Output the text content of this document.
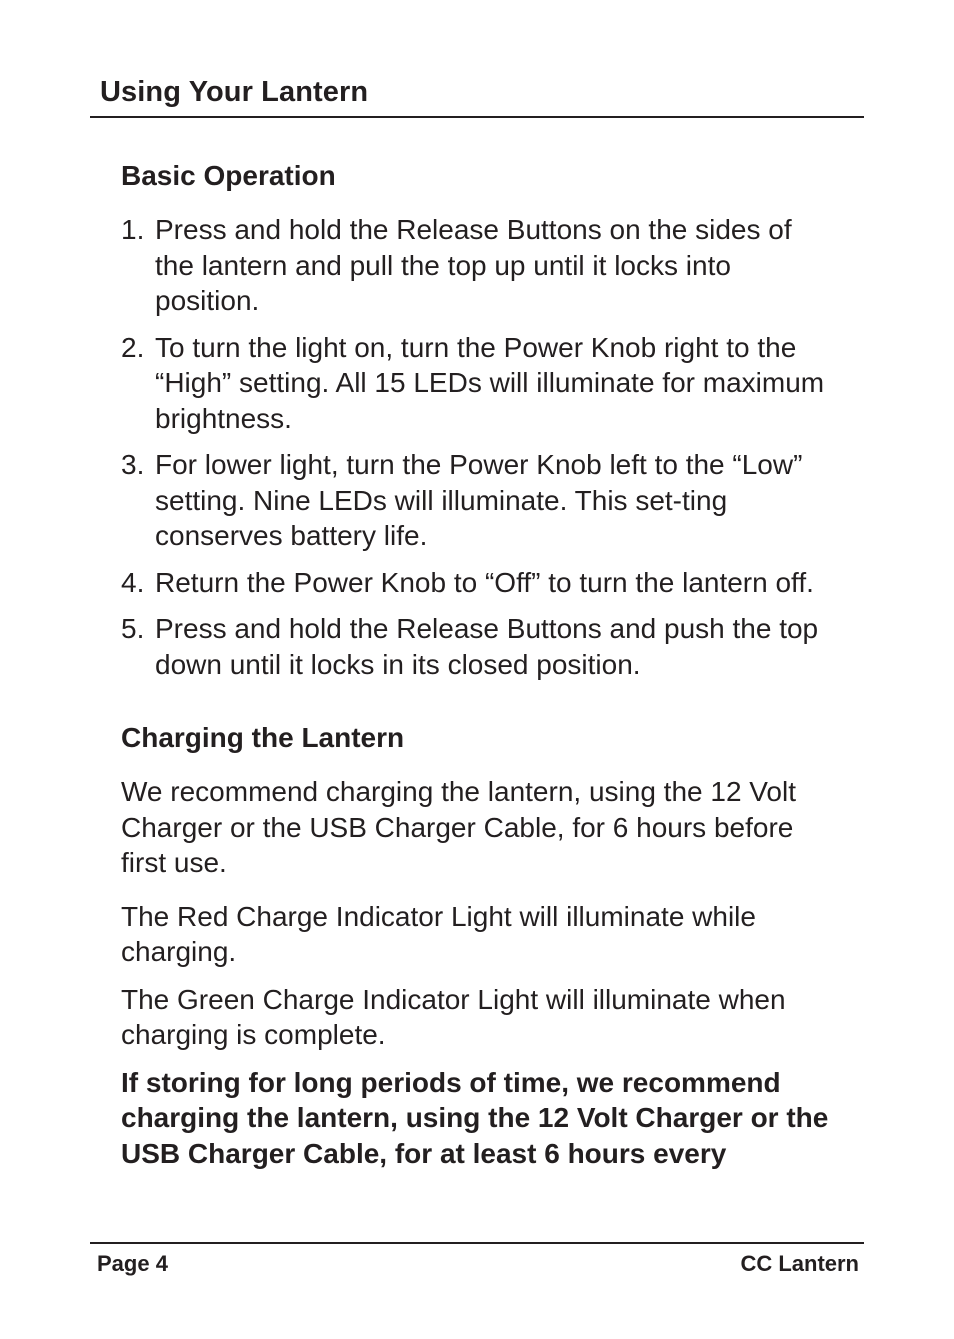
Using Your Lantern
Basic Operation
1. Press and hold the Release Buttons on the sides of the lantern and pull the top up until it locks into position.
2. To turn the light on, turn the Power Knob right to the “High” setting. All 15 LEDs will illuminate for maximum brightness.
3. For lower light, turn the Power Knob left to the “Low” setting. Nine LEDs will illuminate. This set-ting conserves battery life.
4. Return the Power Knob to “Off” to turn the lantern off.
5. Press and hold the Release Buttons and push the top down until it locks in its closed position.
Charging the Lantern

We recommend charging the lantern, using the 12 Volt Charger or the USB Charger Cable, for 6 hours before first use.

The Red Charge Indicator Light will illuminate while charging.

The Green Charge Indicator Light will illuminate when charging is complete.

If storing for long periods of time, we recommend charging the lantern, using the 12 Volt Charger or the USB Charger Cable, for at least 6 hours every

Page 4	CC Lantern
